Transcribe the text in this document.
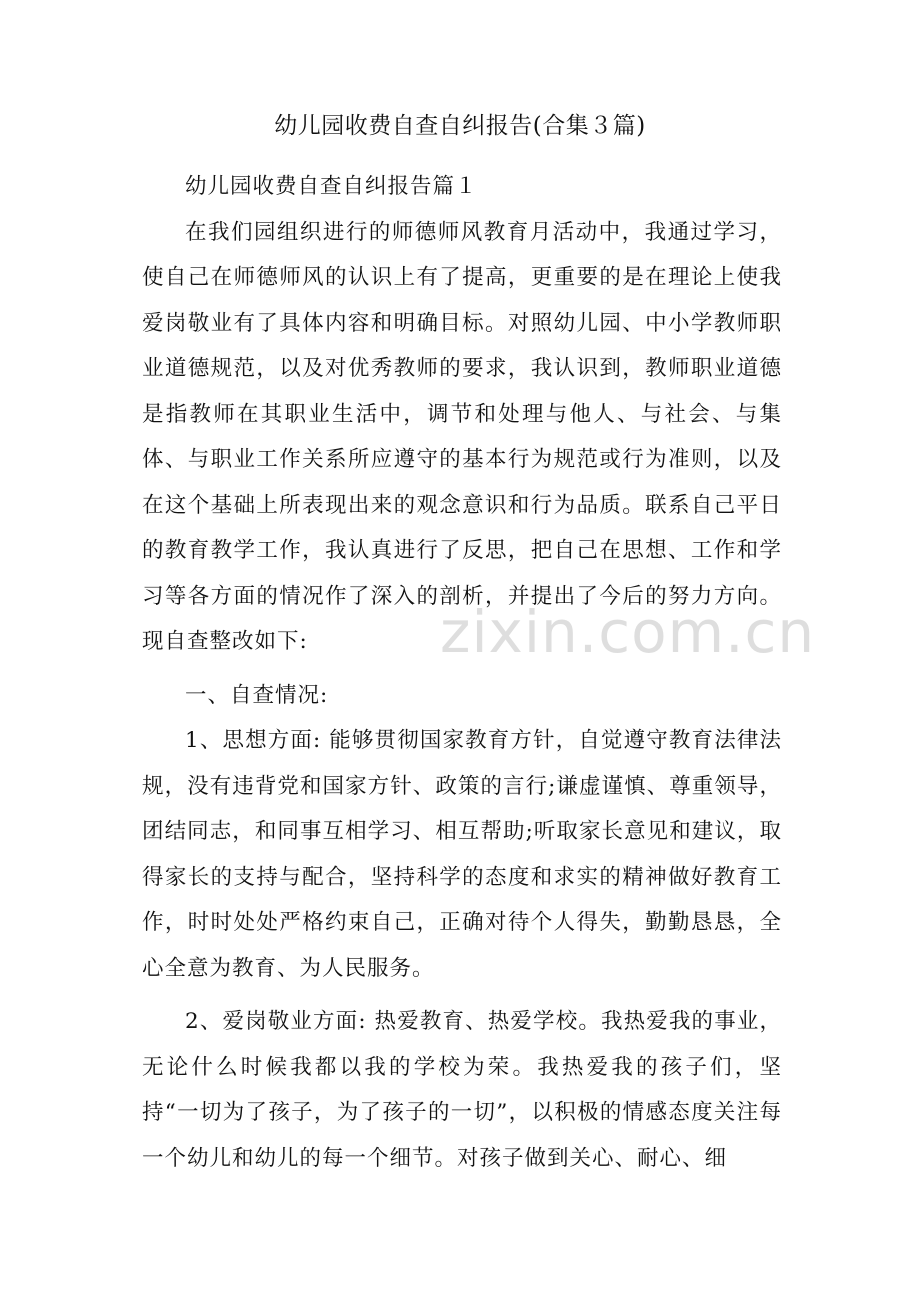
幼儿园收费自查自纠报告(合集３篇)

幼儿园收费自查自纠报告篇１

在我们园组织进行的师德师风教育月活动中，我通过学习，使自己在师德师风的认识上有了提高，更重要的是在理论上使我爱岗敬业有了具体内容和明确目标。对照幼儿园、中小学教师职业道德规范，以及对优秀教师的要求，我认识到，教师职业道德是指教师在其职业生活中，调节和处理与他人、与社会、与集体、与职业工作关系所应遵守的基本行为规范或行为准则，以及在这个基础上所表现出来的观念意识和行为品质。联系自己平日的教育教学工作，我认真进行了反思，把自己在思想、工作和学习等各方面的情况作了深入的剖析，并提出了今后的努力方向。现自查整改如下:

一、自查情况:

1、思想方面: 能够贯彻国家教育方针，自觉遵守教育法律法规，没有违背党和国家方针、政策的言行;谦虚谨慎、尊重领导，团结同志，和同事互相学习、相互帮助;听取家长意见和建议，取得家长的支持与配合，坚持科学的态度和求实的精神做好教育工作，时时处处严格约束自己，正确对待个人得失，勤勤恳恳，全心全意为教育、为人民服务。

2、爱岗敬业方面: 热爱教育、热爱学校。我热爱我的事业，无论什么时候我都以我的学校为荣。我热爱我的孩子们，坚持“一切为了孩子，为了孩子的一切”，以积极的情感态度关注每一个幼儿和幼儿的每一个细节。对孩子做到关心、耐心、细

zixin.com.cn
